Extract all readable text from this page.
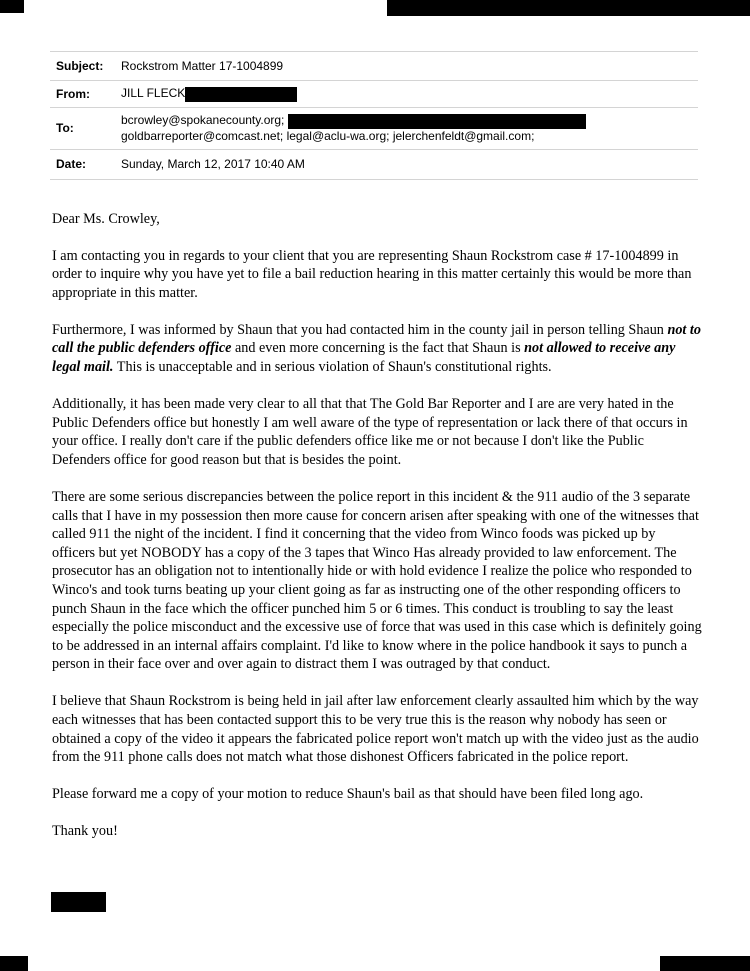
Subject:	Rockstrom Matter 17-1004899
From:	JILL FLECK
To:	bcrowley@spokanecounty.org;
goldbarreporter@comcast.net; legal@aclu-wa.org; jelerchenfeldt@gmail.com;

Date:	Sunday, March 12, 2017 10:40 AM

Dear Ms. Crowley,

I am contacting you in regards to your client that you are representing Shaun Rockstrom case # 17-1004899 in order to inquire why you have yet to file a bail reduction hearing in this matter certainly this would be more than appropriate in this matter.

Furthermore, I was informed by Shaun that you had contacted him in the county jail in person telling Shaun not to call the public defenders office and even more concerning is the fact that Shaun is not allowed to receive any legal mail. This is unacceptable and in serious violation of Shaun's constitutional rights.

Additionally, it has been made very clear to all that that The Gold Bar Reporter and I are are very hated in the Public Defenders office but honestly I am well aware of the type of representation or lack there of that occurs in your office. I really don't care if the public defenders office like me or not because I don't like the Public Defenders office for good reason but that is besides the point.

There are some serious discrepancies between the police report in this incident & the 911 audio of the 3 separate calls that I have in my possession then more cause for concern arisen after speaking with one of the witnesses that called 911 the night of the incident. I find it concerning that the video from Winco foods was picked up by officers but yet NOBODY has a copy of the 3 tapes that Winco Has already provided to law enforcement. The prosecutor has an obligation not to intentionally hide or with hold evidence I realize the police who responded to Winco's and took turns beating up your client going as far as instructing one of the other responding officers to punch Shaun in the face which the officer punched him 5 or 6 times. This conduct is troubling to say the least especially the police misconduct and the excessive use of force that was used in this case which is definitely going to be addressed in an internal affairs complaint. I'd like to know where in the police handbook it says to punch a person in their face over and over again to distract them I was outraged by that conduct.

I believe that Shaun Rockstrom is being held in jail after law enforcement clearly assaulted him which by the way each witnesses that has been contacted support this to be very true this is the reason why nobody has seen or obtained a copy of the video it appears the fabricated police report won't match up with the video just as the audio from the 911 phone calls does not match what those dishonest Officers fabricated in the police report.

Please forward me a copy of your motion to reduce Shaun's bail as that should have been filed long ago.

Thank you!
